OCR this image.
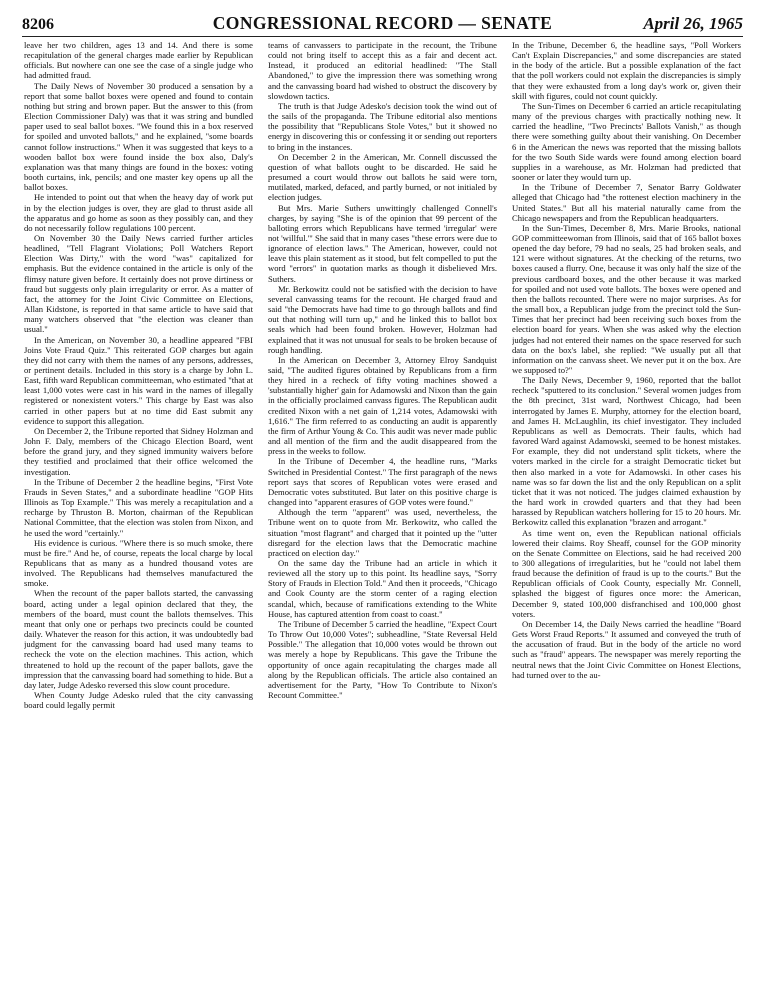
8206	CONGRESSIONAL RECORD — SENATE	April 26, 1965

leave her two children, ages 13 and 14. And there is some recapitulation of the general charges made earlier by Republican officials. But nowhere can one see the case of a single judge who had admitted fraud.

The Daily News of November 30 produced a sensation by a report that some ballot boxes were opened and found to contain nothing but string and brown paper. But the answer to this (from Election Commissioner Daly) was that it was string and bundled paper used to seal ballot boxes. "We found this in a box reserved for spoiled and unvoted ballots," and he explained, "some boards cannot follow instructions." When it was suggested that keys to a wooden ballot box were found inside the box also, Daly's explanation was that many things are found in the boxes: voting booth curtains, ink, pencils; and one master key opens up all the ballot boxes.

He intended to point out that when the heavy day of work put in by the election judges is over, they are glad to thrust aside all the apparatus and go home as soon as they possibly can, and they do not necessarily follow regulations 100 percent.

On November 30 the Daily News carried further articles headlined, "Tell Flagrant Violations; Poll Watchers Report Election Was Dirty," with the word "was" capitalized for emphasis. But the evidence contained in the article is only of the flimsy nature given before. It certainly does not prove dirtiness or fraud but suggests only plain irregularity or error. As a matter of fact, the attorney for the Joint Civic Committee on Elections, Allan Kidstone, is reported in that same article to have said that many watchers observed that "the election was cleaner than usual."

In the American, on November 30, a headline appeared "FBI Joins Vote Fraud Quiz." This reiterated GOP charges but again they did not carry with them the names of any persons, addresses, or pertinent details. Included in this story is a charge by John L. East, fifth ward Republican committeeman, who estimated "that at least 1,000 votes were cast in his ward in the names of illegally registered or nonexistent voters." This charge by East was also carried in other papers but at no time did East submit any evidence to support this allegation.

On December 2, the Tribune reported that Sidney Holzman and John F. Daly, members of the Chicago Election Board, went before the grand jury, and they signed immunity waivers before they testified and proclaimed that their office welcomed the investigation.

In the Tribune of December 2 the headline begins, "First Vote Frauds in Seven States," and a subordinate headline "GOP Hits Illinois as Top Example." This was merely a recapitulation and a recharge by Thruston B. Morton, chairman of the Republican National Committee, that the election was stolen from Nixon, and he used the word "certainly."

His evidence is curious. "Where there is so much smoke, there must be fire." And he, of course, repeats the local charge by local Republicans that as many as a hundred thousand votes are involved. The Republicans had themselves manufactured the smoke.

When the recount of the paper ballots started, the canvassing board, acting under a legal opinion declared that they, the members of the board, must count the ballots themselves. This meant that only one or perhaps two precincts could be counted daily. Whatever the reason for this action, it was undoubtedly bad judgment for the canvassing board had used many teams to recheck the vote on the election machines. This action, which threatened to hold up the recount of the paper ballots, gave the impression that the canvassing board had something to hide. But a day later, Judge Adesko reversed this slow count procedure.

When County Judge Adesko ruled that the city canvassing board could legally permit

teams of canvassers to participate in the recount, the Tribune could not bring itself to accept this as a fair and decent act. Instead, it produced an editorial headlined: "The Stall Abandoned," to give the impression there was something wrong and the canvassing board had wished to obstruct the discovery by slowdown tactics.

The truth is that Judge Adesko's decision took the wind out of the sails of the propaganda. The Tribune editorial also mentions the possibility that "Republicans Stole Votes," but it showed no energy in discovering this or confessing it or sending out reporters to bring in the instances.

On December 2 in the American, Mr. Connell discussed the question of what ballots ought to be discarded. He said he presumed a court would throw out ballots he said were torn, mutilated, marked, defaced, and partly burned, or not initialed by election judges.

But Mrs. Marie Suthers unwittingly challenged Connell's charges, by saying "She is of the opinion that 99 percent of the balloting errors which Republicans have termed 'irregular' were not 'willful.'" She said that in many cases "these errors were due to ignorance of election laws." The American, however, could not leave this plain statement as it stood, but felt compelled to put the word "errors" in quotation marks as though it disbelieved Mrs. Suthers.

Mr. Berkowitz could not be satisfied with the decision to have several canvassing teams for the recount. He charged fraud and said "the Democrats have had time to go through ballots and find out that nothing will turn up," and he linked this to ballot box seals which had been found broken. However, Holzman had explained that it was not unusual for seals to be broken because of rough handling.

In the American on December 3, Attorney Elroy Sandquist said, "The audited figures obtained by Republicans from a firm they hired in a recheck of fifty voting machines showed a 'substantially higher' gain for Adamowski and Nixon than the gain in the officially proclaimed canvass figures. The Republican audit credited Nixon with a net gain of 1,214 votes, Adamowski with 1,616." The firm referred to as conducting an audit is apparently the firm of Arthur Young & Co. This audit was never made public and all mention of the firm and the audit disappeared from the press in the weeks to follow.

In the Tribune of December 4, the headline runs, "Marks Switched in Presidential Contest." The first paragraph of the news report says that scores of Republican votes were erased and Democratic votes substituted. But later on this positive charge is changed into "apparent erasures of GOP votes were found."

Although the term "apparent" was used, nevertheless, the Tribune went on to quote from Mr. Berkowitz, who called the situation "most flagrant" and charged that it pointed up the "utter disregard for the election laws that the Democratic machine practiced on election day."

On the same day the Tribune had an article in which it reviewed all the story up to this point. Its headline says, "Sorry Story of Frauds in Election Told." And then it proceeds, "Chicago and Cook County are the storm center of a raging election scandal, which, because of ramifications extending to the White House, has captured attention from coast to coast."

The Tribune of December 5 carried the headline, "Expect Court To Throw Out 10,000 Votes"; subheadline, "State Reversal Held Possible." The allegation that 10,000 votes would be thrown out was merely a hope by Republicans. This gave the Tribune the opportunity of once again recapitulating the charges made all along by the Republican officials. The article also contained an advertisement for the Party, "How To Contribute to Nixon's Recount Committee."

In the Tribune, December 6, the headline says, "Poll Workers Can't Explain Discrepancies," and some discrepancies are stated in the body of the article. But a possible explanation of the fact that the poll workers could not explain the discrepancies is simply that they were exhausted from a long day's work or, given their skill with figures, could not count quickly.

The Sun-Times on December 6 carried an article recapitulating many of the previous charges with practically nothing new. It carried the headline, "Two Precincts' Ballots Vanish," as though there were something guilty about their vanishing. On December 6 in the American the news was reported that the missing ballots for the two South Side wards were found among election board supplies in a warehouse, as Mr. Holzman had predicted that sooner or later they would turn up.

In the Tribune of December 7, Senator Barry Goldwater alleged that Chicago had "the rottenest election machinery in the United States." But all his material naturally came from the Chicago newspapers and from the Republican headquarters.

In the Sun-Times, December 8, Mrs. Marie Brooks, national GOP committeewoman from Illinois, said that of 165 ballot boxes opened the day before, 79 had no seals, 25 had broken seals, and 121 were without signatures. At the checking of the returns, two boxes caused a flurry. One, because it was only half the size of the previous cardboard boxes, and the other because it was marked for spoiled and not used vote ballots. The boxes were opened and then the ballots recounted. There were no major surprises. As for the small box, a Republican judge from the precinct told the Sun-Times that her precinct had been receiving such boxes from the election board for years. When she was asked why the election judges had not entered their names on the space reserved for such data on the box's label, she replied: "We usually put all that information on the canvass sheet. We never put it on the box. Are we supposed to?"

The Daily News, December 9, 1960, reported that the ballot recheck "sputtered to its conclusion." Several women judges from the 8th precinct, 31st ward, Northwest Chicago, had been interrogated by James E. Murphy, attorney for the election board, and James H. McLaughlin, its chief investigator. They included Republicans as well as Democrats. Their faults, which had favored Ward against Adamowski, seemed to be honest mistakes. For example, they did not understand split tickets, where the voters marked in the circle for a straight Democratic ticket but then also marked in a vote for Adamowski. In other cases his name was so far down the list and the only Republican on a split ticket that it was not noticed. The judges claimed exhaustion by the hard work in crowded quarters and that they had been harassed by Republican watchers hollering for 15 to 20 hours. Mr. Berkowitz called this explanation "brazen and arrogant."

As time went on, even the Republican national officials lowered their claims. Roy Sheaff, counsel for the GOP minority on the Senate Committee on Elections, said he had received 200 to 300 allegations of irregularities, but he "could not label them fraud because the definition of fraud is up to the courts." But the Republican officials of Cook County, especially Mr. Connell, splashed the biggest of figures once more: the American, December 9, stated 100,000 disfranchised and 100,000 ghost voters.

On December 14, the Daily News carried the headline "Board Gets Worst Fraud Reports." It assumed and conveyed the truth of the accusation of fraud. But in the body of the article no word such as "fraud" appears. The newspaper was merely reporting the neutral news that the Joint Civic Committee on Honest Elections, had turned over to the au-
